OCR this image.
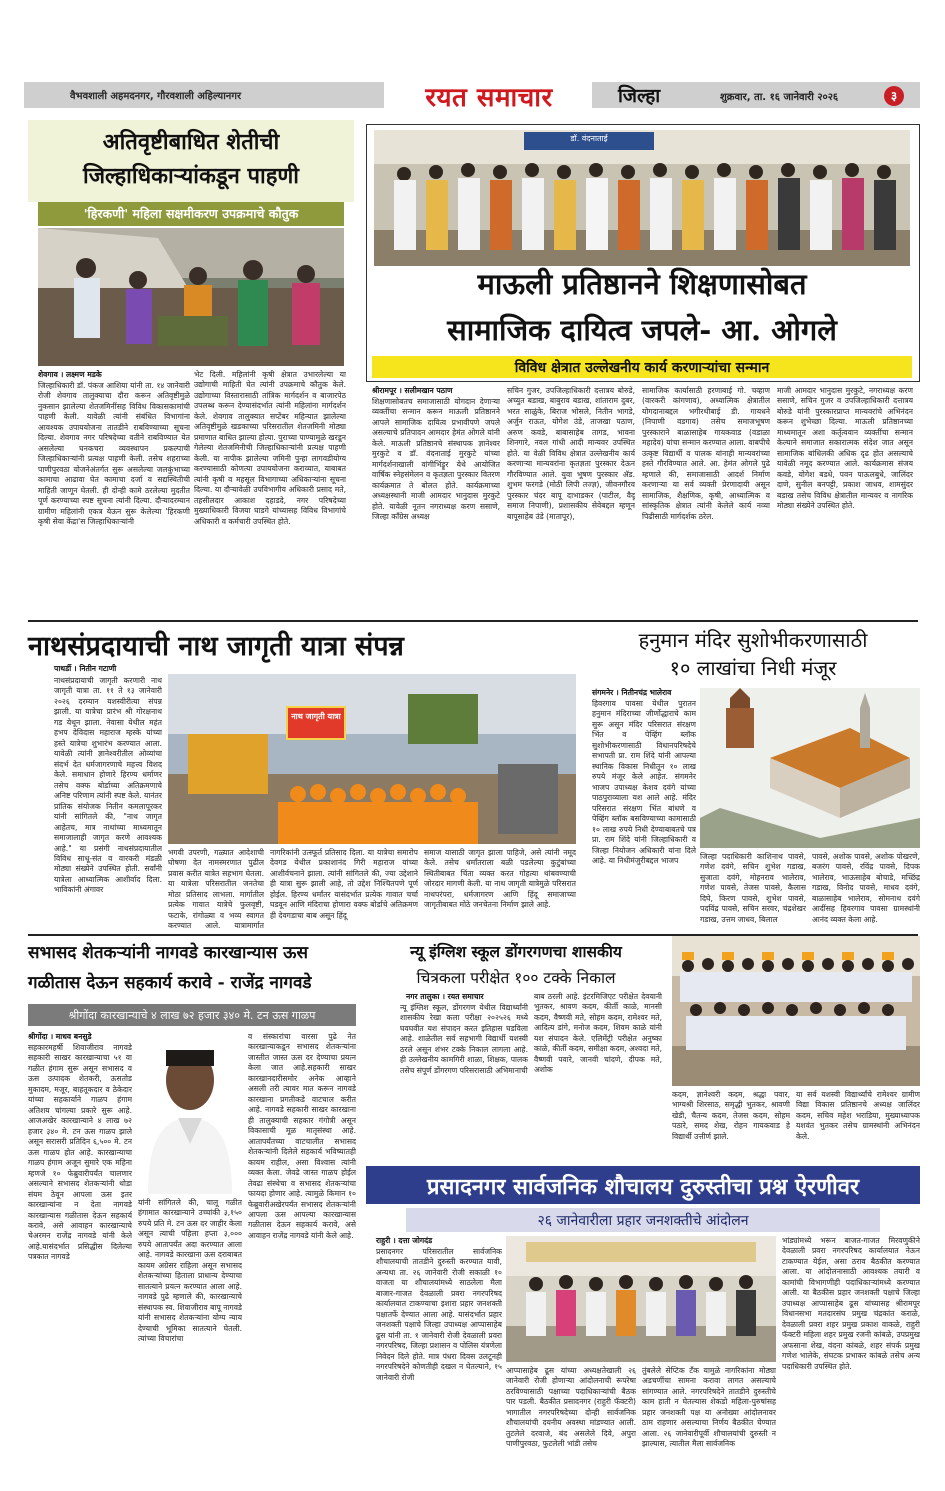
वैभवशाली अहमदनगर, गौरवशाली अहिल्यानगर	जिल्हा	शुक्रवार, ता. १६ जानेवारी २०२६
रयत समाचार	३
अतिवृष्टीबाधित शेतीची
जिल्हाधिकाऱ्यांकडून पाहणी
'हिरकणी' महिला सक्षमीकरण उपक्रमाचे कौतुक
शेवगाव । लक्ष्मण मडके
जिल्हाधिकारी डॉ. पंकज आशिया यांनी ता. १४ जानेवारी रोजी शेवगाव तालुक्याचा दौरा करून अतिवृष्टीमुळे नुकसान झालेल्या शेतजमिनींसह विविध विकासकामांची पाहणी केली. यावेळी त्यांनी संबंधित विभागांना आवश्यक उपाययोजना तातडीने राबविण्याच्या सूचना दिल्या. शेवगाव नगर परिषदेच्या वतीने राबविण्यात येत असलेल्या घनकचरा व्यवस्थापन प्रकल्पाची जिल्हाधिकाऱ्यांनी प्रत्यक्ष पाहणी केली. तसेच शहराच्या पाणीपुरवठा योजनेअंतर्गत सुरू असलेल्या जलकुंभाच्या कामाचा आढावा घेत कामाचा दर्जा व सद्यस्थितीची माहिती जाणून घेतली. ही दोन्ही कामे ठरलेल्या मुदतीत पूर्ण करण्याच्या स्पष्ट सूचना त्यांनी दिल्या. दौऱ्यादरम्यान ग्रामीण महिलांनी एकत्र येऊन सुरू केलेल्या 'हिरकणी कृषी सेवा केंद्रा'स जिल्हाधिकाऱ्यांनी
भेट दिली. महिलांनी कृषी क्षेत्रात उभारलेल्या या उद्योगाची माहिती घेत त्यांनी उपक्रमाचे कौतुक केले. उद्योगाच्या विस्तारासाठी तांत्रिक मार्गदर्शन व बाजारपेठ उपलब्ध करून देण्यासंदर्भात त्यांनी महिलांना मार्गदर्शन केले. शेवगाव तालुक्यात सप्टेंबर महिन्यात झालेल्या अतिवृष्टीमुळे खडकाच्या परिसरातील शेतजमिनी मोठ्या प्रमाणात बाधित झाल्या होत्या. पुराच्या पाण्यामुळे खरडून गेलेल्या शेतजमिनीची जिल्हाधिकाऱ्यांनी प्रत्यक्ष पाहणी केली. या नापीक झालेल्या जमिनी पुन्हा लागवडीयोग्य करण्यासाठी कोणत्या उपाययोजना कराव्यात, याबाबत त्यांनी कृषी व महसूल विभागाच्या अधिकाऱ्यांना सूचना दिल्या. या दौऱ्यावेळी उपविभागीय अधिकारी प्रसाद मते, तहसीलदार आकाश दहाडदे, नगर परिषदेच्या मुख्याधिकारी विजया घाडगे यांच्यासह विविध विभागांचे अधिकारी व कर्मचारी उपस्थित होते.
डॉ. वंदनाताई
माऊली प्रतिष्ठानने शिक्षणासोबत
सामाजिक दायित्व जपले- आ. ओगले
विविध क्षेत्रात उल्लेखनीय कार्य करणाऱ्यांचा सन्मान
श्रीरामपूर । सलीमखान पठाण
शिक्षणासोबतच समाजासाठी योगदान देणाऱ्या व्यक्तींचा सन्मान करून माऊली प्रतिष्ठानने आपले सामाजिक दायित्व प्रभावीपणे जपले असल्याचे प्रतिपादन आमदार हेमंत ओगले यांनी केले. माऊली प्रतिष्ठानचे संस्थापक ज्ञानेश्वर मुरकुटे व डॉ. वंदनाताई मुरकुटे यांच्या मार्गदर्शनाखाली वांगीभिंड्रूर येथे आयोजित वार्षिक स्नेहसंमेलन व कृतज्ञता पुरस्कार वितरण कार्यक्रमात ते बोलत होते. कार्यक्रमाच्या अध्यक्षस्थानी माजी आमदार भानुदास मुरकुटे होते. यावेळी नूतन नगराध्यक्ष करण ससाणे, जिल्हा काँग्रेस अध्यक्ष
सचिन गुजर, उपजिल्हाधिकारी दत्तात्रय बोरुडे, अच्युत बडाख, बाबुराव बडाख, शांताराम दुबर, भरत साळुंके, बिराज भोसले, नितीन भागडे, अर्जुन राऊत, योगेश उंडे, ताजखा पठाण, अरुण कवडे, बाबासाहेब तागड, भावना शिनगारे, नवल गांधी आदी मान्यवर उपस्थित होते. या वेळी विविध क्षेत्रात उल्लेखनीय कार्य करणाऱ्या मान्यवरांना कृतज्ञता पुरस्कार देऊन गौरविण्यात आले. युवा भूषण पुरस्कार ॲड. शुभम फरगडे (मोठी लिपी तज्ज्ञ), जीवनगौरव पुरस्कार चंदर बापू दाभाडकर (पाटील, वैदू समाज निपाणी), प्रशासकीय सेवेबद्दल म्हणून बापूसाहेब उंडे (मातापूर),
सामाजिक कार्यासाठी हरणाबाई गो. चव्हाण (वारकरी कांगणाव), अध्यात्मिक क्षेत्रातील योगदानाबद्दल भगीरथीबाई डी. गायधने (निपाणी वडगाव) तसेच समाजभूषण पुरस्काराने बाळासाहेब गायकवाड (वडाळा महादेव) यांचा सन्मान करण्यात आला. वाबपीचे उत्कृष्ट विद्यार्थी व पालक यांनाही मान्यवरांच्या हस्ते गौरविण्यात आले. आ. हेमंत ओगले पुढे म्हणाले की, समाजासाठी आदर्श निर्माण करणाऱ्या या सर्व व्यक्ती प्रेरणादायी असून सामाजिक, शैक्षणिक, कृषी, आध्यात्मिक व सांस्कृतिक क्षेत्रात त्यांनी केलेले कार्य नव्या पिढीसाठी मार्गदर्शक ठरेल.
माजी आमदार भानुदास मुरकुटे, नगराध्यक्ष करण ससाणे, सचिन गुजर व उपजिल्हाधिकारी दत्तात्रय बोरुडे यांनी पुरस्कारप्राप्त मान्यवरांचे अभिनंदन करून शुभेच्छा दिल्या. माऊली प्रतिष्ठानच्या माध्यमातून अशा कर्तृत्ववान व्यक्तींचा सन्मान केल्याने समाजात सकारात्मक संदेश जात असून सामाजिक बांधिलकी अधिक दृढ होत असल्याचे यावेळी नमूद करण्यात आले. कार्यक्रमास संजय कवडे, योगेश बडधे, पवन पाऊलबुधे, जालिंदर दाणे, सुनील बनपट्टी, प्रकाश जाधव, शामसुंदर बडाख तसेच विविध क्षेत्रातील मान्यवर व नागरिक मोठ्या संख्येने उपस्थित होते.
नाथसंप्रदायाची नाथ जागृती यात्रा संपन्न
पाथर्डी । नितीन गटाणी
नाथसंप्रदायाची जागृती करणारी नाथ जागृती यात्रा ता. ११ ते १३ जानेवारी २०२६ दरम्यान यशस्वीरीत्या संपन्न झाली. या यात्रेचा प्रारंभ श्री गोरक्षनाथ गड येथून झाला. नेवासा येथील महंत हभप देविदास महाराज म्हस्के यांच्या हस्ते यात्रेचा शुभारंभ करण्यात आला. यावेळी त्यांनी ज्ञानेश्वरीतील ओव्यांचा संदर्भ देत धर्मजागरणाचे महत्त्व विशद केले. समाधान होणारे हिरण्य धर्माणर तसेच वक्फ बोर्डाच्या अतिक्रमणाचे अनिष्ट परिणाम त्यांनी स्पष्ट केले. यानंतर प्रांतिक संयोजक नितीन कमलापूरकर यांनी सांगितले की, "नाथ जागृत आहेतच, मात्र नाथांच्या माध्यमातून समाजालाही जागृत करणे आवश्यक आहे." या प्रसंगी नाथसंप्रदायातील विविध साधू-संत व वारकरी मंडळी मोठ्या संख्येने उपस्थित होती. सर्वांनी यात्रेला आध्यात्मिक आशीर्वाद दिला. भाविकांनी अंगावर
नाथ जागृती यात्रा
भगवी उपरणी, गळ्यात आदेशाची घोषणा देत नामस्मरणात पुढील प्रवास करीत यात्रेत सहभाग घेतला. या यात्रेला परिसरातील जनतेचा मोठा प्रतिसाद लाभला. मार्गातील प्रत्येक गावात यात्रेचे फुलवृष्टी, फटाके, रांगोळ्या व भव्य स्वागत करण्यात आले. यात्रामार्गात
नागरिकांनी उत्स्फूर्त प्रतिसाद दिला. या यात्रेचा समारोप देवगड येथील प्रकाशानंद गिरी महाराज यांच्या आशीर्वचनाने झाला. त्यांनी सांगितले की, ज्या उद्देशाने ही यात्रा सुरू झाली आहे, तो उद्देश निश्चितपणे पूर्ण होईल. हिरण्य धर्मांतर यासंदर्भात प्रत्येक गावात चर्चा घडवून आणि मंदिराचा होणारा वक्फ बोर्डाचे अतिक्रमण ही देवगडाचा बाब असून हिंदू
समाज यासाठी जागृत झाला पाहिजे, असे त्यांनी नमूद केले. तसेच धर्मांतराला बळी पडलेल्या कुटुंबांच्या स्थितीबाबत चिंता व्यक्त करत गोहत्या थांबवण्याची जोरदार मागणी केली. या नाथ जागृती यात्रेमुळे परिसरात नाथपरंपरा, धर्मजागरण आणि हिंदू समाजाच्या जागृतीबाबत मोठे जनचेतना निर्माण झाले आहे.
हनुमान मंदिर सुशोभीकरणासाठी
१० लाखांचा निधी मंजूर
संगमनेर । नितीनचंद्र भालेराव
हिवरगाव पावसा येथील पुरातन हनुमान मंदिराच्या जीर्णोद्धाराचे काम सुरू असून मंदिर परिसरात संरक्षण भिंत व पेव्हिंग ब्लॉक सुशोभीकरणासाठी विधानपरिषदेचे सभापती प्रा. राम शिंदे यांनी आपल्या स्थानिक विकास निधीतून १० लाख रुपये मंजूर केले आहेत. संगमनेर भाजप उपाध्यक्ष केशव दवंगे यांच्या पाठपुराव्याला यश आले आहे. मंदिर परिसरात संरक्षण भिंत बांधणे व पेव्हिंग ब्लॉक बसविण्याच्या कामासाठी १० लाख रुपये निधी देण्याबाबतचे पत्र प्रा. राम शिंदे यांनी जिल्हाधिकारी व जिल्हा नियोजन अधिकारी यांना दिले आहे. या निधीमंजुरीबद्दल भाजप	जिल्हा पदाधिकारी काशिनाथ पावसे, गणेश दवंगे, सचिन शुभेश गडाख, सुजाता दवंगे, मोहनराव भालेराव, गणेश पावसे, तेजस पावसे, कैलास दिघे, किरण पावसे, शुभेश पावसे, पदविंद्र पावसे, सचिन सरवर, चंद्रशेखर गडाख, उत्तम जाधव, बिलाल
पावसे, अशोक पावसे, अशोक पोखरणे, बजरंग पावसे, रविंद्र पावसे, दिपक भालेराव, भाऊसाहेब बोचाडे, मच्छिंद्र गडाख, विनोद पावसे, माधव दवंगे, बाळासाहेब भालेराव, सोमनाथ दवंगे आदींसह हिवरगाव पावसा ग्रामस्थांनी आनंद व्यक्त केला आहे.
सभासद शेतकऱ्यांनी नागवडे कारखान्यास ऊस
गळीतास देऊन सहकार्य करावे - राजेंद्र नागवडे
श्रीगोंदा कारखान्याचे ४ लाख ७२ हजार ३४० मे. टन ऊस गाळप
श्रीगोंदा । माधव बनसुडे
सहकारमहर्षी शिवाजीराव नागवडे सहकारी साखर कारखान्याचा ५१ वा गळीत हंगाम सुरू असून सभासद व ऊस उत्पादक शेतकरी, ऊसतोड मुकादम, मजूर, बाहतूकदार व ठेकेदार यांच्या सहकार्याने गाळप हंगाम अतिशय चांगल्या प्रकारे सुरू आहे. आजअखेर कारखान्याने ४ लाख ७२ हजार ३४० मे. टन ऊस गाळप झाले असून सरासरी प्रतिदिन ६,५०० मे. टन ऊस गाळप होत आहे. कारखान्याचा गाळप हंगाम अजून सुमारे एक महिना म्हणजे १० फेब्रुवारीपर्यंत चालणार असल्याने सभासद शेतकऱ्यांनी थोडा संयम ठेवून आपला ऊस इतर कारखान्यांना न देता नागवडे कारखान्यास गळीतास देऊन सहकार्य करावे, असे आवाहन कारखान्याचे चेअरमन राजेंद्र नागवडे यांनी केले आहे.यासंदर्भात प्रसिद्धीस दिलेल्या पत्रकात नागवडे
यांनी सांगितले की, चालू गळीत हंगामात कारखान्याने उच्चांकी ३,१५० रुपये प्रति मे. टन ऊस दर जाहीर केला असून त्याची पहिला हप्ता ३,००० रुपये आतापर्यंत अदा करण्यात आला आहे. नागवडे कारखाना ऊस दराबाबत कायम अग्रेसर राहिला असून सभासद शेतकऱ्यांच्या हिताला प्राधान्य देण्याचा सातत्याने प्रयत्न करण्यात आला आहे. नागवडे पुढे म्हणाले की, कारखान्याचे संस्थापक स्व. शिवाजीराव बापू नागवडे यांनी सभासद शेतकऱ्यांना योग्य न्याय देण्याची भूमिका सातत्याने घेतली. त्यांच्या विचारांचा
व संस्कारांचा वारसा पुढे नेत कारखान्याकडून सभासद शेतकऱ्यांना जास्तीत जास्त ऊस दर देण्याचा प्रयत्न केला जात आहे.सहकारी साखर कारखानदारीसमोर अनेक आव्हाने असली तरी त्यावर मात करून नागवडे कारखाना प्रगतीकडे वाटचाल करीत आहे. नागवडे सहकारी साखर कारखाना ही तालुक्याची सहकार गंगोत्री असून विकासाची मूळ मातृसंस्था आहे. आतापर्यंतच्या वाटचालीत सभासद शेतकऱ्यांनी दिलेले सहकार्य भविष्यातही कायम राहील, असा विश्वास त्यांनी व्यक्त केला. जेवढे जास्त गाळप होईल तेवढा संस्थेचा व सभासद शेतकऱ्यांचा फायदा होणार आहे. त्यामुळे किमान १० फेब्रुवारीअखेरपर्यंत सभासद शेतकऱ्यांनी आपला ऊस आपल्या कारखान्यास गळीतास देऊन सहकार्य करावे, असे आवाहन राजेंद्र नागवडे यांनी केले आहे.
न्यू इंग्लिश स्कूल डोंगरगणचा शासकीय
चित्रकला परीक्षेत १०० टक्के निकाल
नगर तालुका । रयत समाचार
न्यू इंग्लिश स्कूल, डोंगरगण येथील विद्यार्थ्यांनी शासकीय रेखा कला परीक्षा २०२५२६ मध्ये घवघवीत यश संपादन करत इतिहास घडविला आहे. शाळेतील सर्व सहभागी विद्यार्थी यशस्वी ठरले असून शंभर टक्के निकाल लागला आहे. ही उल्लेखनीय कामगिरी शाळा, शिक्षक, पालक तसेच संपूर्ण डोंगरगण परिसरासाठी अभिमानाची
बाब ठरली आहे. इंटरमिजिएट परीक्षेत देवयानी भुतकर, श्रावण कदम, कीर्ती काळे, मानसी कदम, वैष्णवी मते, सोहम कदम, रामेश्वर मते, आदित्य डांगे, मनोज कदम, शिवम काळे यांनी यश संपादन केले. एलिमेंट्री परीक्षेत अनुष्का काळे, कीर्ती कदम, समीक्षा कदम, अश्वदा मते, वैष्णवी पवारे, जानवी चांदणे, दीपक मते, अशोक
कदम, ज्ञानेश्वरी कदम, श्रद्धा पवार, भाग्यश्री शिरसाठ, समृद्धी भुतकर, श्रावणी खेडी, चैतन्य कदम, तेजस कदम, सोहम पठारे, समद शेख, रोहन गायकवाड हे विद्यार्थी उत्तीर्ण झाले.
या सर्व यशस्वी विद्यार्थ्यांचे रामेश्वर ग्रामीण विद्या विकास प्रतिष्ठानचे अध्यक्ष जालिंदर कदम, सचिव महेश भराडिया, मुख्याध्यापक यशवंत भुतकर तसेच ग्रामस्थांनी अभिनंदन केले.
प्रसादनगर सार्वजनिक शौचालय दुरुस्तीचा प्रश्न ऐरणीवर
२६ जानेवारीला प्रहार जनशक्तीचे आंदोलन
राहुरी । दत्ता जोगदंड
प्रसादनगर परिसरातील सार्वजनिक शौचालयाची तातडीने दुरुस्ती करण्यात यावी, अन्यथा ता. २६ जानेवारी रोजी सकाळी १० वाजता या शौचालयांमध्ये साठलेला मैला बाजार-गाजत देवळाली प्रवरा नगरपरिषद कार्यालयात टाकण्याचा इशारा प्रहार जनशक्ती पक्षातर्फे देण्यात आला आहे. यासंदर्भात प्रहार जनशक्ती पक्षाचे जिल्हा उपाध्यक्ष आप्पासाहेब ढूस यांनी ता. १ जानेवारी रोजी देवळाली प्रवरा नगरपरिषद, जिल्हा प्रशासन व पोलिस यंत्रणेला निवेदन दिले होते. मात्र पंधरा दिवस उलटूनही नगरपरिषदेने कोणतीही दखल न घेतल्याने, १५ जानेवारी रोजी
आप्पासाहेब ढूस यांच्या अध्यक्षतेखाली २६ जानेवारी रोजी होणाऱ्या आंदोलनाची रूपरेषा ठरविण्यासाठी पक्षाच्या पदाधिकाऱ्यांची बैठक पार पडली. बैठकीत प्रसादनगर (राहुरी फॅक्टरी) भागातील नगरपरिषदेच्या दोन्ही सार्वजनिक शौचालयांची दयनीय अवस्था मांडण्यात आली. तुटलेले दरवाजे, बंद असलेले दिवे, अपुरा पाणीपुरवठा, फुटलेली भांडी तसेच
तुंबलेले सेप्टिक टँक यामुळे नागरिकांना मोठ्या अडचणींचा सामना करावा लागत असल्याचे सांगण्यात आले. नगरपरिषदेने तातडीने दुरुस्तीचे काम हाती न घेतल्यास शेकडो महिला-पुरुषांसह प्रहार जनशक्ती पक्ष या अनोख्या आंदोलनावर ठाम राहणार असल्याचा निर्णय बैठकीत घेण्यात आला. २६ जानेवारीपूर्वी शौचालयांची दुरुस्ती न झाल्यास, त्यातील मैला सार्वजनिक
भांड्यांमध्ये भरून बाजत-गाजत मिरवणुकीने देवळाली प्रवरा नगरपरिषद कार्यालयात नेऊन टाकण्यात येईल, असा ठराव बैठकीत करण्यात आला. या आंदोलनासाठी आवश्यक तयारी व कामांची विभागणीही पदाधिकाऱ्यांमध्ये करण्यात आली. या बैठकीस प्रहार जनशक्ती पक्षाचे जिल्हा उपाध्यक्ष आप्पासाहेब ढूस यांच्यासह श्रीरामपूर विधानसभा मतदारसंघ प्रमुख चंद्रकांत कराळे, देवळाली प्रवरा शहर प्रमुख प्रकाश वाकळे, राहुरी फॅक्टरी महिला शहर प्रमुख रजनी कांबळे, उपप्रमुख अफसाना शेख, वंदना कांबळे, शहर संपर्क प्रमुख गणेश भालेके, संघटक प्रभाकर कांबळे तसेच अन्य पदाधिकारी उपस्थित होते.
